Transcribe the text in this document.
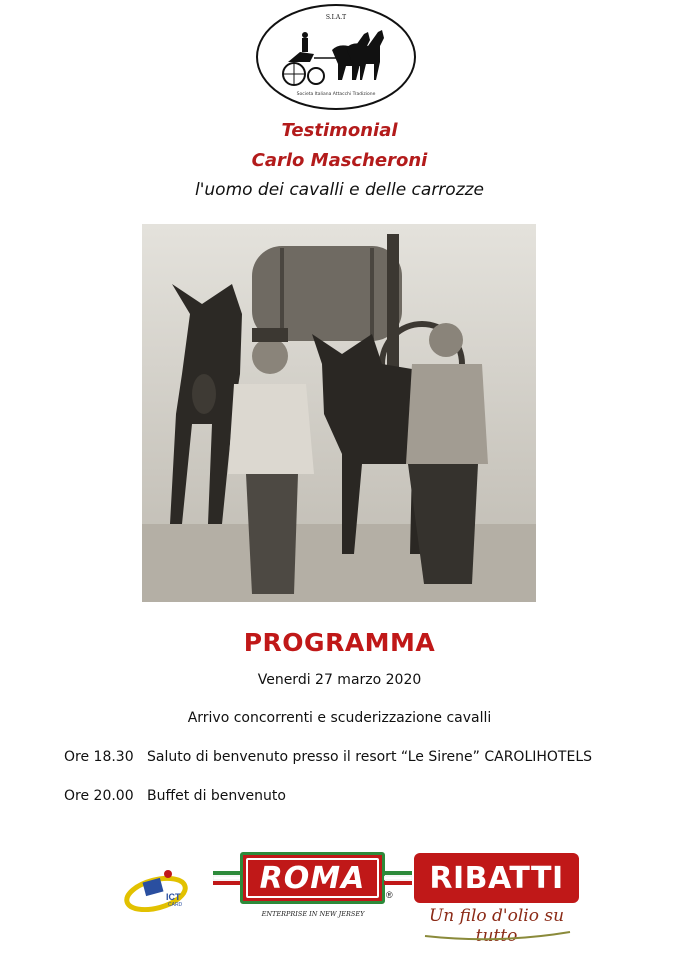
S.I.A.T
Societa Italiana Attacchi Tradizione
Testimonial
Carlo Mascheroni
l'uomo dei cavalli e delle carrozze
PROGRAMMA
Venerdi 27 marzo 2020
Arrivo concorrenti e scuderizzazione cavalli
Ore 18.30 Saluto di benvenuto presso il resort “Le Sirene” CAROLIHOTELS
Ore 20.00 Buffet di benvenuto
ICT
CARD
ROMA	®
ENTERPRISE IN NEW JERSEY
RIBATTI
Un filo d'olio su tutto
